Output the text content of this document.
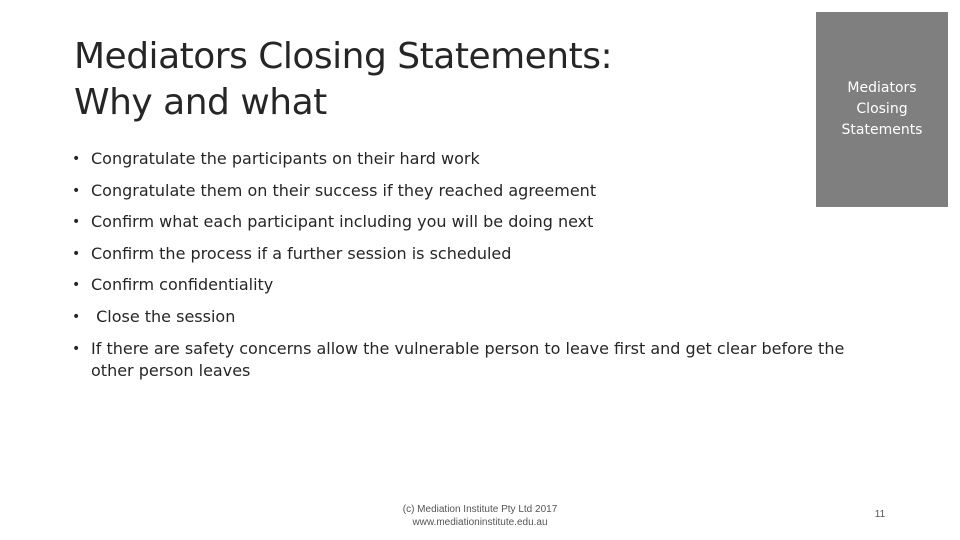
Mediators Closing Statements:
Why and what	Mediators Closing Statements
• Congratulate the participants on their hard work
• Congratulate them on their success if they reached agreement
• Confirm what each participant including you will be doing next
• Confirm the process if a further session is scheduled
• Confirm confidentiality
• Close the session
• If there are safety concerns allow the vulnerable person to leave first and get clear before the other person leaves
(c) Mediation Institute Pty Ltd 2017
www.mediationinstitute.edu.au
11
